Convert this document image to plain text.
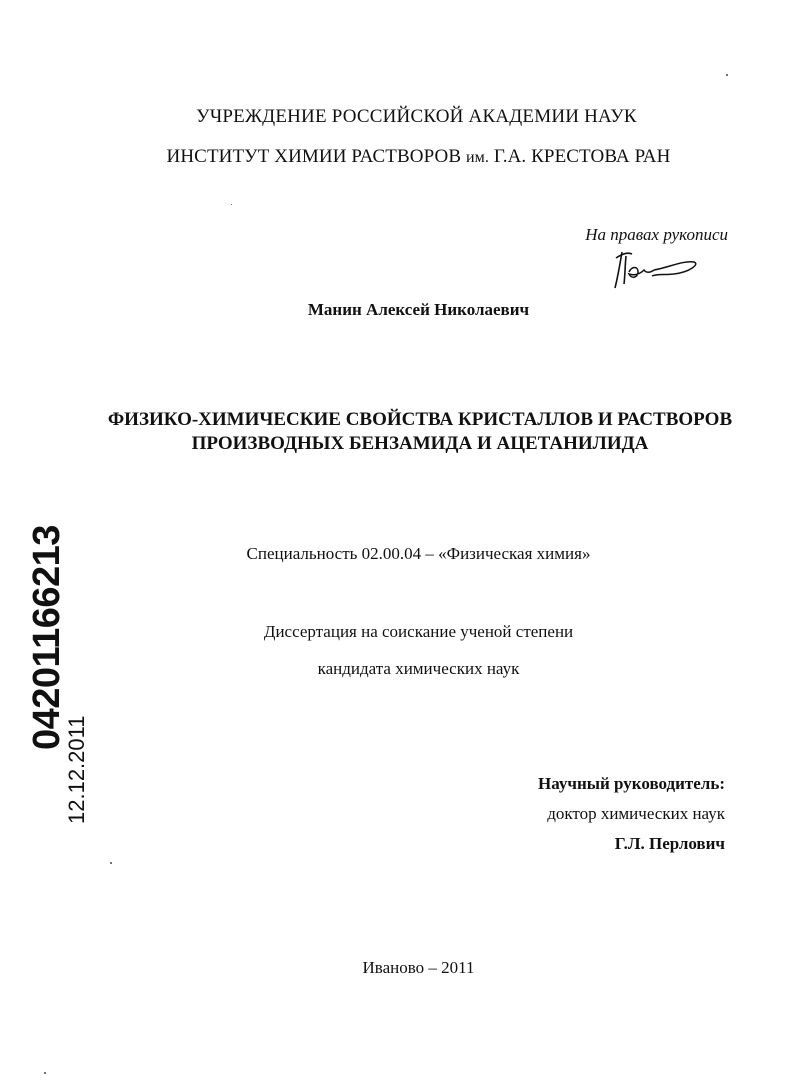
УЧРЕЖДЕНИЕ РОССИЙСКОЙ АКАДЕМИИ НАУК
ИНСТИТУТ ХИМИИ РАСТВОРОВ им. Г.А. КРЕСТОВА РАН
На правах рукописи
Манин Алексей Николаевич
ФИЗИКО-ХИМИЧЕСКИЕ СВОЙСТВА КРИСТАЛЛОВ И РАСТВОРОВ
ПРОИЗВОДНЫХ БЕНЗАМИДА И АЦЕТАНИЛИДА
Специальность 02.00.04 – «Физическая химия»
Диссертация на соискание ученой степени
кандидата химических наук
Научный руководитель:
доктор химических наук
Г.Л. Перлович
Иваново – 2011
04201166213
12.12.2011
